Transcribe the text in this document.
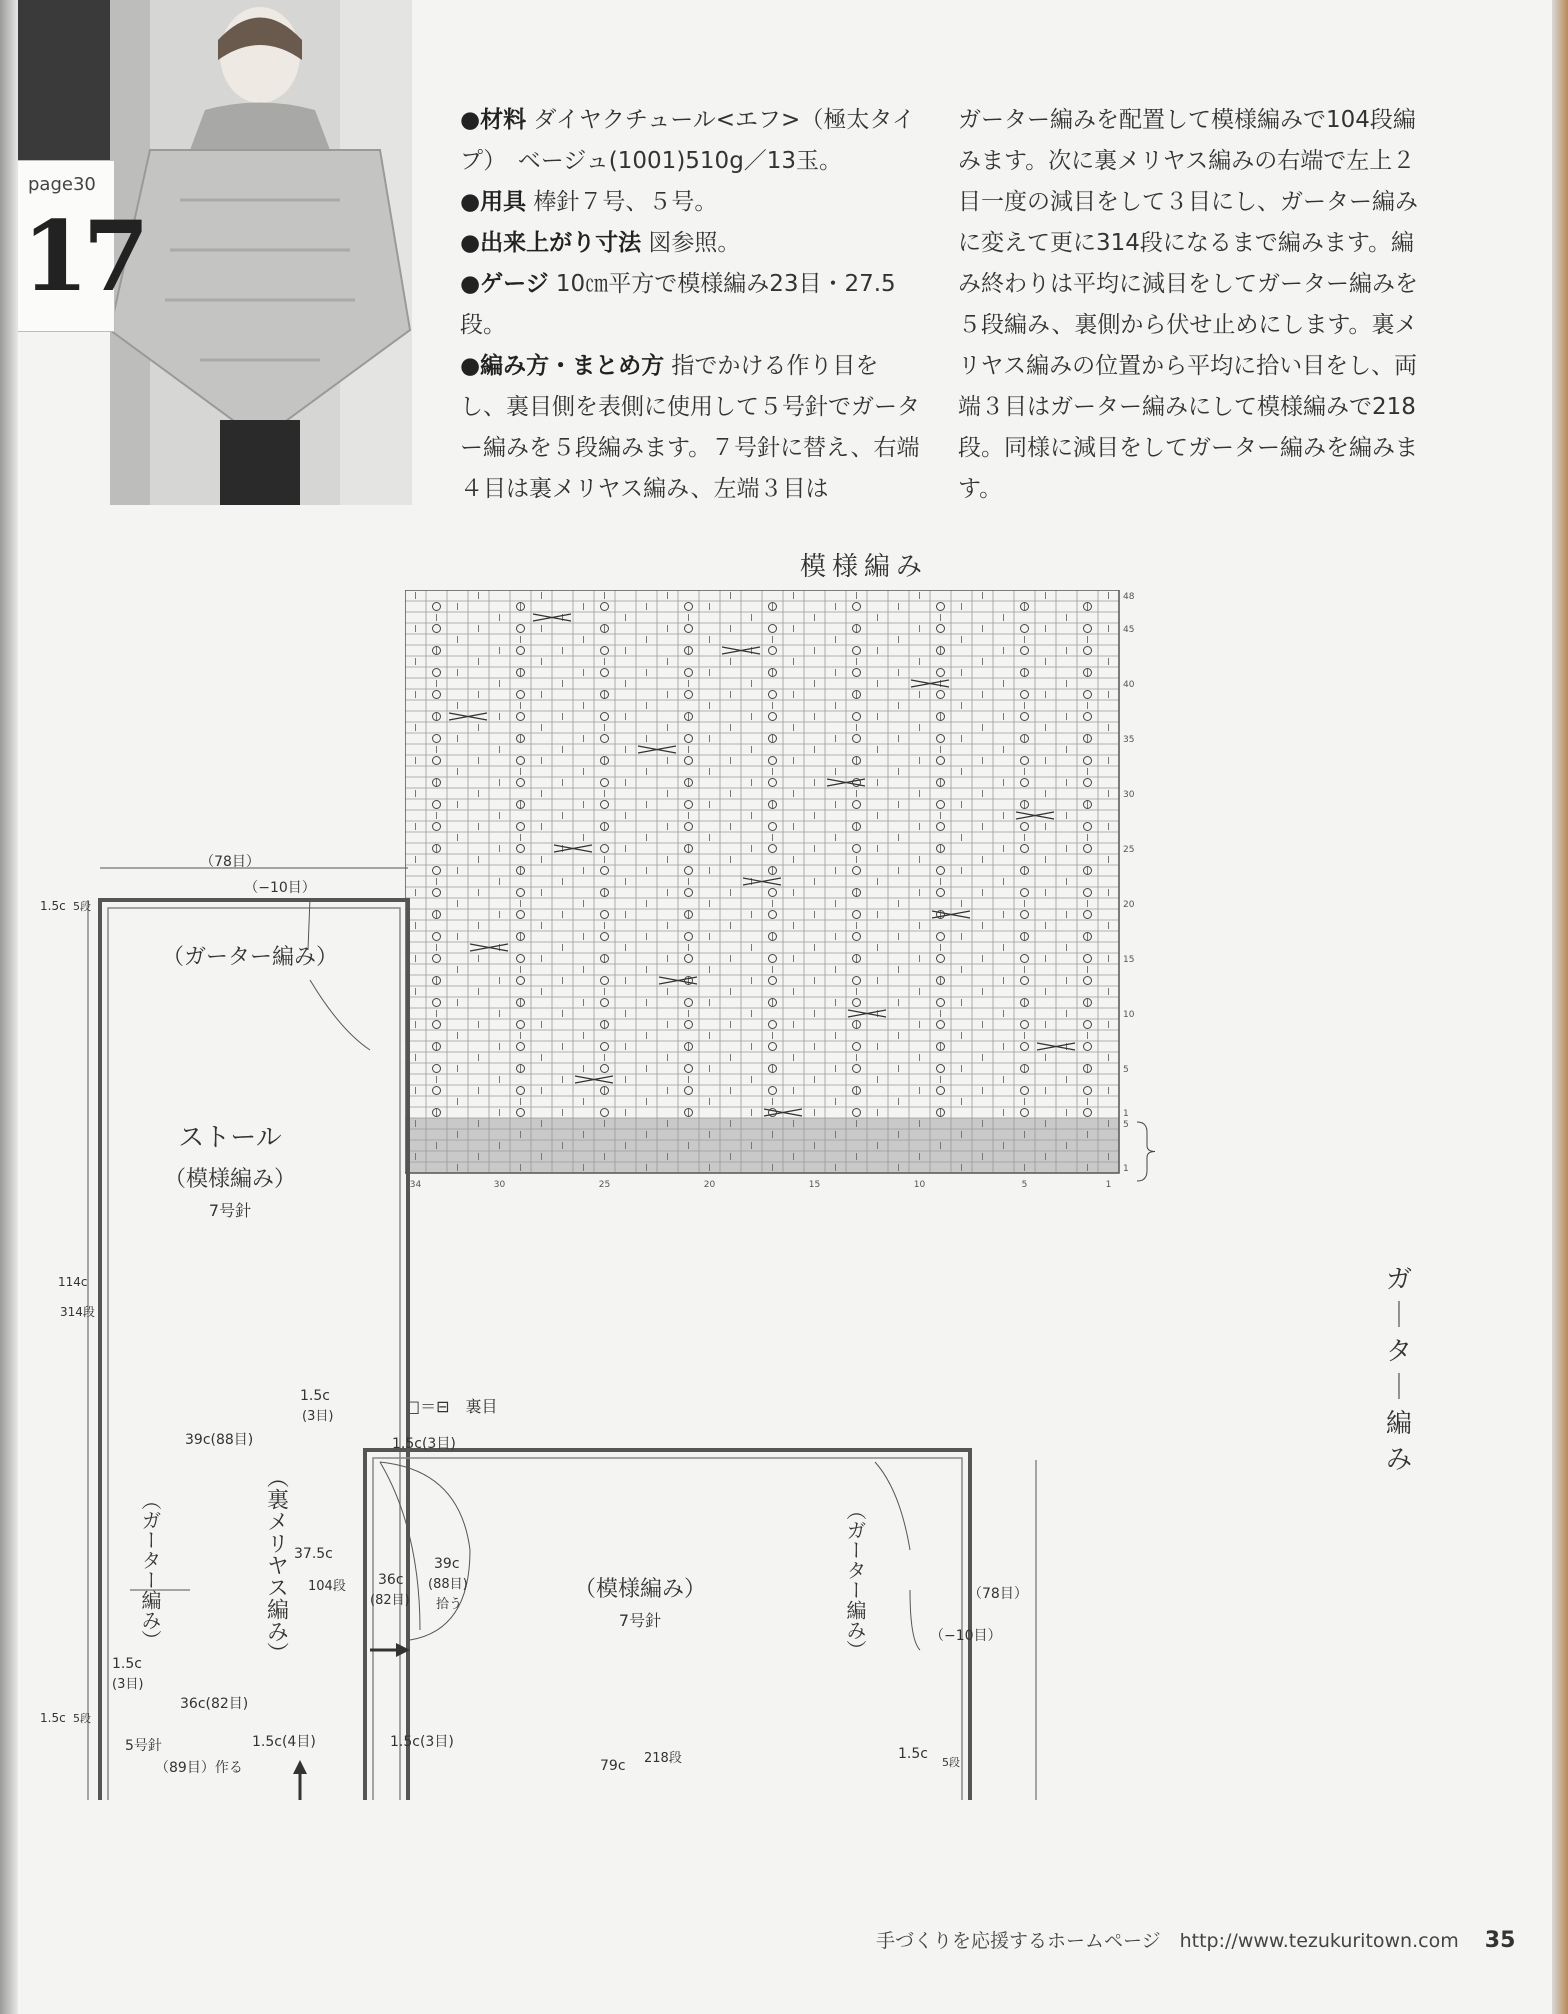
page30
17
●材料 ダイヤクチュール<エフ>（極太タイプ）　ベージュ(1001)510g／13玉。
●用具 棒針７号、５号。
●出来上がり寸法 図参照。
●ゲージ 10㎝平方で模様編み23目・27.5段。
●編み方・まとめ方 指でかける作り目をし、裏目側を表側に使用して５号針でガーター編みを５段編みます。７号針に替え、右端４目は裏メリヤス編み、左端３目は
ガーター編みを配置して模様編みで104段編みます。次に裏メリヤス編みの右端で左上２目一度の減目をして３目にし、ガーター編みに変えて更に314段になるまで編みます。編み終わりは平均に減目をしてガーター編みを５段編み、裏側から伏せ止めにします。裏メリヤス編みの位置から平均に拾い目をし、両端３目はガーター編みにして模様編みで218段。同様に減目をしてガーター編みを編みます。
模様編み
1
5
10
15
20
25
30
35
40
45
48
1
5
1
5
10
15
20
25
30
34
ガ
｜
タ
｜
編
み
□＝⊟　裏目
（78目）
（−10目）
（ガーター編み）
1.5c 5段
ストール
（模様編み）
7号針
114c
314段
39c(88目)
（ガーター編み）	（裏メリヤス編み） 37.5c
104段
1.5c
(3目)
1.5c(3目)
1.5c
(3目)
36c(82目)
1.5c 5段
5号針
（89目）作る
1.5c(4目)	1.5c(3目)
36c
(82目)
39c
(88目)
拾う
（模様編み）
7号針	（ガーター編み）
79c 218段
（78目）
（−10目）
1.5c
5段
手づくりを応援するホームページ　http://www.tezukuritown.com 35
